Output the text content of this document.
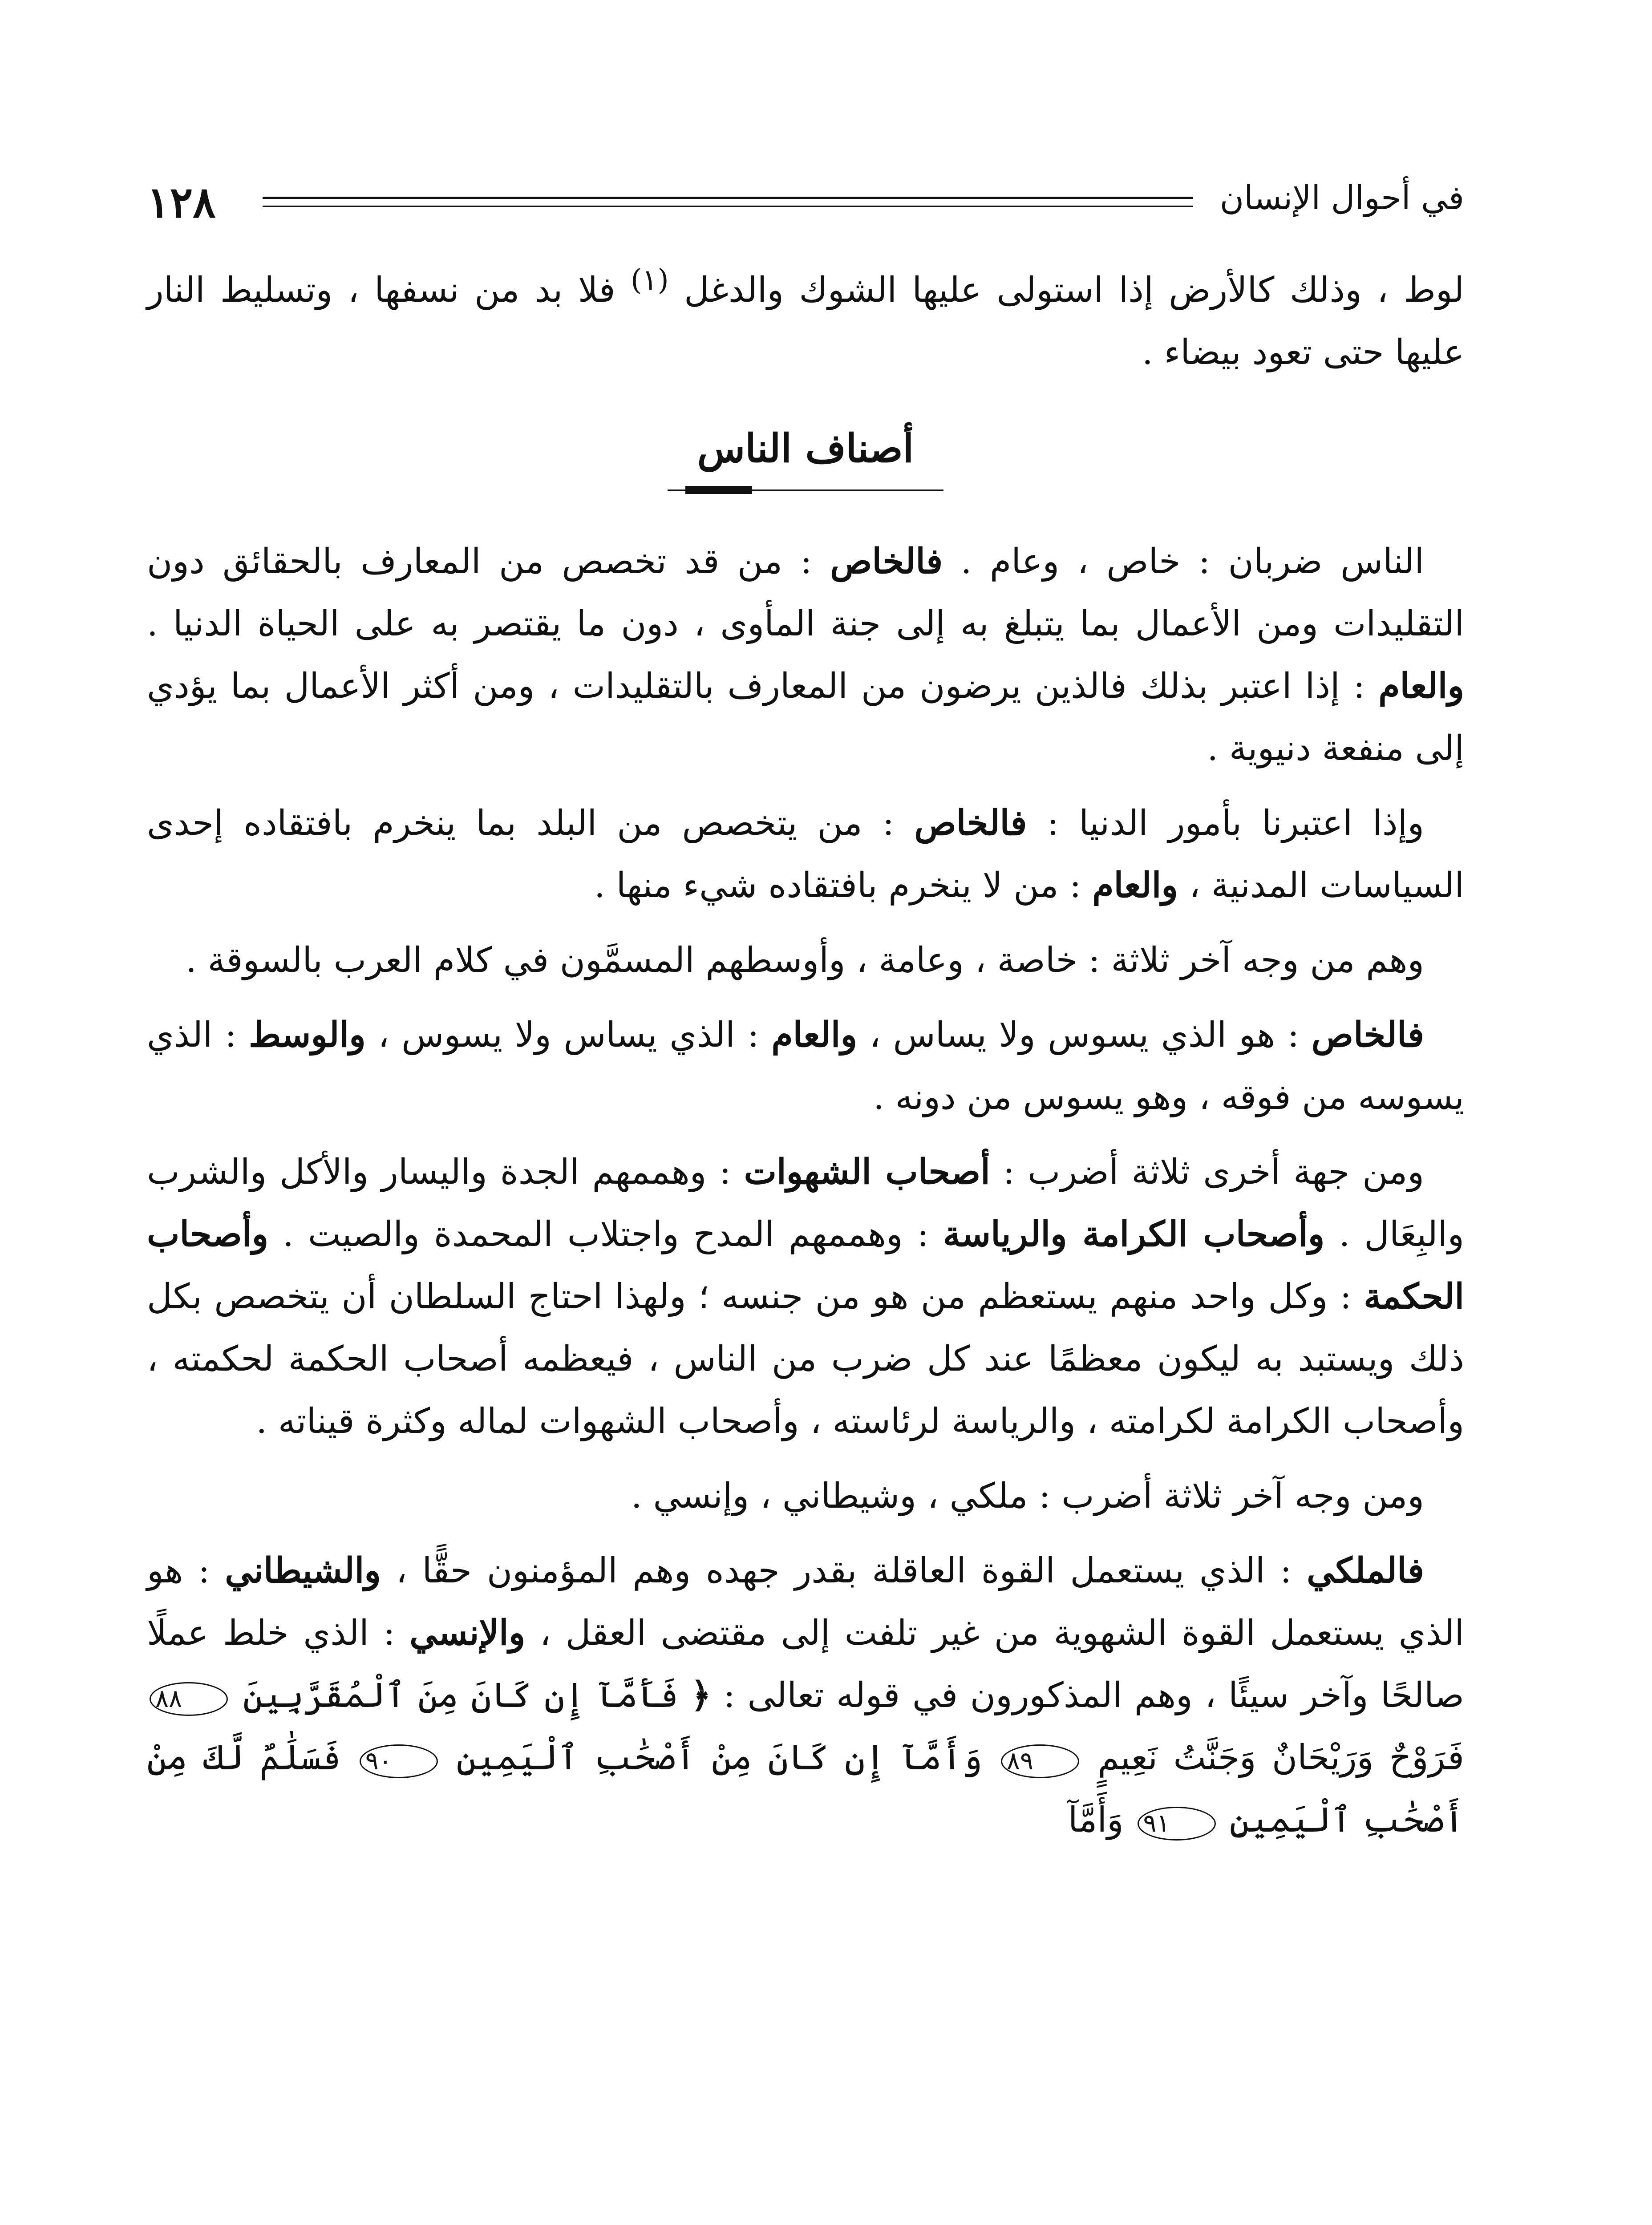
في أحوال الإنسان
١٢٨

لوط ، وذلك كالأرض إذا استولى عليها الشوك والدغل $^{(١)}$ فلا بد من نسفها ، وتسليط النار عليها حتى تعود بيضاء .

أصناف الناس

الناس ضربان : خاص ، وعام . فالخاص : من قد تخصص من المعارف بالحقائق دون التقليدات ومن الأعمال بما يتبلغ به إلى جنة المأوى ، دون ما يقتصر به على الحياة الدنيا . والعام : إذا اعتبر بذلك فالذين يرضون من المعارف بالتقليدات ، ومن أكثر الأعمال بما يؤدي إلى منفعة دنيوية .

وإذا اعتبرنا بأمور الدنيا : فالخاص : من يتخصص من البلد بما ينخرم بافتقاده إحدى السياسات المدنية ، والعام : من لا ينخرم بافتقاده شيء منها .

وهم من وجه آخر ثلاثة : خاصة ، وعامة ، وأوسطهم المسمَّون في كلام العرب بالسوقة .

فالخاص : هو الذي يسوس ولا يساس ، والعام : الذي يساس ولا يسوس ، والوسط : الذي يسوسه من فوقه ، وهو يسوس من دونه .

ومن جهة أخرى ثلاثة أضرب : أصحاب الشهوات : وهممهم الجدة واليسار والأكل والشرب والبِعَال . وأصحاب الكرامة والرياسة : وهممهم المدح واجتلاب المحمدة والصيت . وأصحاب الحكمة : وكل واحد منهم يستعظم من هو من جنسه ؛ ولهذا احتاج السلطان أن يتخصص بكل ذلك ويستبد به ليكون معظمًا عند كل ضرب من الناس ، فيعظمه أصحاب الحكمة لحكمته ، وأصحاب الكرامة لكرامته ، والرياسة لرئاسته ، وأصحاب الشهوات لماله وكثرة قيناته .

ومن وجه آخر ثلاثة أضرب : ملكي ، وشيطاني ، وإنسي .

فالملكي : الذي يستعمل القوة العاقلة بقدر جهده وهم المؤمنون حقًّا ، والشيطاني : هو الذي يستعمل القوة الشهوية من غير تلفت إلى مقتضى العقل ، والإنسي : الذي خلط عملًا صالحًا وآخر سيئًا ، وهم المذكورون في قوله تعالى : ﴿ فَأَمَّآ إِن كَانَ مِنَ ٱلْمُقَرَّبِينَ ٨٨ فَرَوْحٌ وَرَيْحَانٌ وَجَنَّتُ نَعِيمٍ ٨٩ وَأَمَّآ إِن كَانَ مِنْ أَصْحَٰبِ ٱلْيَمِينِ ٩٠ فَسَلَٰمٌ لَّكَ مِنْ أَصْحَٰبِ ٱلْيَمِينِ ٩١ وَأَمَّآ
